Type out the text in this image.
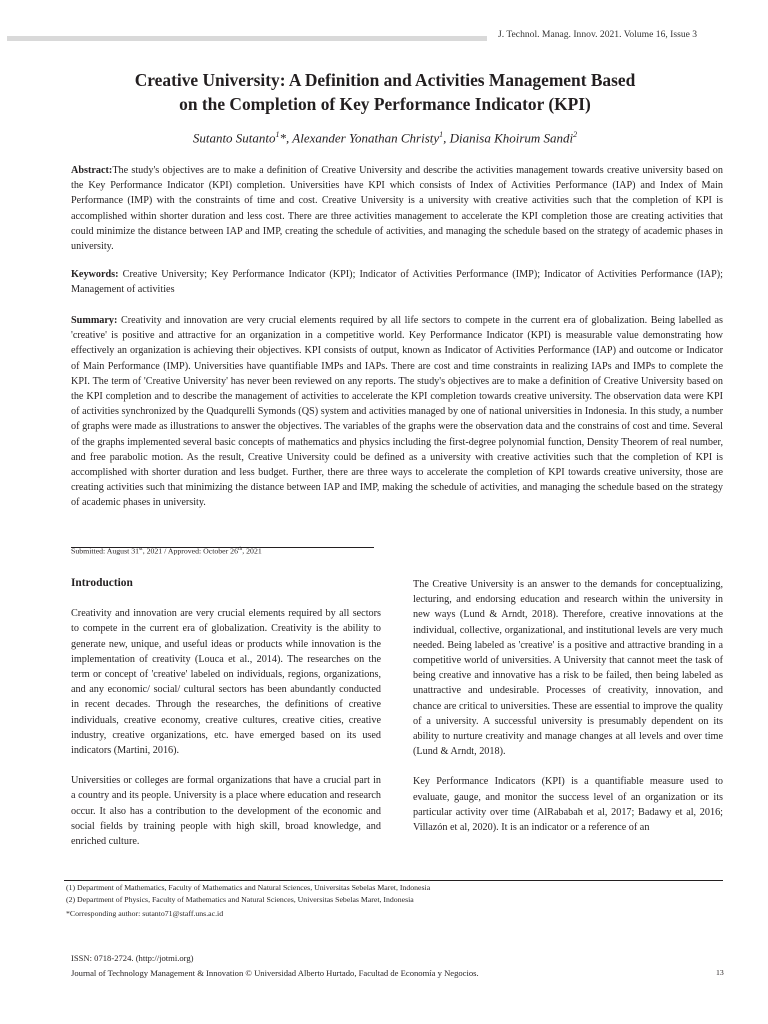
J. Technol. Manag. Innov. 2021. Volume 16, Issue 3
Creative University: A Definition and Activities Management Based
on the Completion of Key Performance Indicator (KPI)
Sutanto Sutanto$^1$*, Alexander Yonathan Christy$^1$, Dianisa Khoirum Sandi$^2$
Abstract:The study's objectives are to make a definition of Creative University and describe the activities management towards creative university based on the Key Performance Indicator (KPI) completion. Universities have KPI which consists of Index of Activities Performance (IAP) and Index of Main Performance (IMP) with the constraints of time and cost. Creative University is a university with creative activities such that the completion of KPI is accomplished within shorter duration and less cost. There are three activities management to accelerate the KPI completion those are creating activities that could minimize the distance between IAP and IMP, creating the schedule of activities, and managing the schedule based on the strategy of academic phases in university.
Keywords: Creative University; Key Performance Indicator (KPI); Indicator of Activities Performance (IMP); Indicator of Activities Performance (IAP); Management of activities
Summary: Creativity and innovation are very crucial elements required by all life sectors to compete in the current era of globalization. Being labelled as 'creative' is positive and attractive for an organization in a competitive world. Key Performance Indicator (KPI) is measurable value demonstrating how effectively an organization is achieving their objectives. KPI consists of output, known as Indicator of Activities Performance (IAP) and outcome or Indicator of Main Performance (IMP). Universities have quantifiable IMPs and IAPs. There are cost and time constraints in realizing IAPs and IMPs to complete the KPI. The term of 'Creative University' has never been reviewed on any reports. The study's objectives are to make a definition of Creative University based on the KPI completion and to describe the management of activities to accelerate the KPI completion towards creative university. The observation data were KPI of activities synchronized by the Quadqurelli Symonds (QS) system and activities managed by one of national universities in Indonesia. In this study, a number of graphs were made as illustrations to answer the objectives. The variables of the graphs were the observation data and the constrains of cost and time. Several of the graphs implemented several basic concepts of mathematics and physics including the first-degree polynomial function, Density Theorem of real number, and free parabolic motion. As the result, Creative University could be defined as a university with creative activities such that the completion of KPI is accomplished with shorter duration and less budget. Further, there are three ways to accelerate the completion of KPI towards creative university, those are creating activities such that minimizing the distance between IAP and IMP, making the schedule of activities, and managing the schedule based on the strategy of academic phases in university.
Submitted: August 31st, 2021 / Approved: October 26th, 2021

Introduction

Creativity and innovation are very crucial elements required by all sectors to compete in the current era of globalization. Creativity is the ability to generate new, unique, and useful ideas or products while innovation is the implementation of creativity (Louca et al., 2014). The researches on the term or concept of 'creative' labeled on individuals, regions, organizations, and any economic/ social/ cultural sectors has been abundantly conducted in recent decades. Through the researches, the definitions of creative individuals, creative economy, creative cultures, creative cities, creative industry, creative organizations, etc. have emerged based on its used indicators (Martini, 2016).

Universities or colleges are formal organizations that have a crucial part in a country and its people. University is a place where education and research occur. It also has a contribution to the development of the economic and social fields by training people with high skill, broad knowledge, and enriched culture.

The Creative University is an answer to the demands for conceptualizing, lecturing, and endorsing education and research within the university in new ways (Lund & Arndt, 2018). Therefore, creative innovations at the individual, collective, organizational, and institutional levels are very much needed. Being labeled as 'creative' is a positive and attractive branding in a competitive world of universities. A University that cannot meet the task of being creative and innovative has a risk to be failed, then being labeled as unattractive and undesirable. Processes of creativity, innovation, and chance are critical to universities. These are essential to improve the quality of a university. A successful university is presumably dependent on its ability to nurture creativity and manage changes at all levels and over time (Lund & Arndt, 2018).

Key Performance Indicators (KPI) is a quantifiable measure used to evaluate, gauge, and monitor the success level of an organization or its particular activity over time (AlRababah et al, 2017; Badawy et al, 2016; Villazón et al, 2020). It is an indicator or a reference of an

(1) Department of Mathematics, Faculty of Mathematics and Natural Sciences, Universitas Sebelas Maret, Indonesia
(2) Department of Physics, Faculty of Mathematics and Natural Sciences, Universitas Sebelas Maret, Indonesia
*Corresponding author: sutanto71@staff.uns.ac.id
ISSN: 0718-2724. (http://jotmi.org)
Journal of Technology Management & Innovation © Universidad Alberto Hurtado, Facultad de Economía y Negocios.	13
